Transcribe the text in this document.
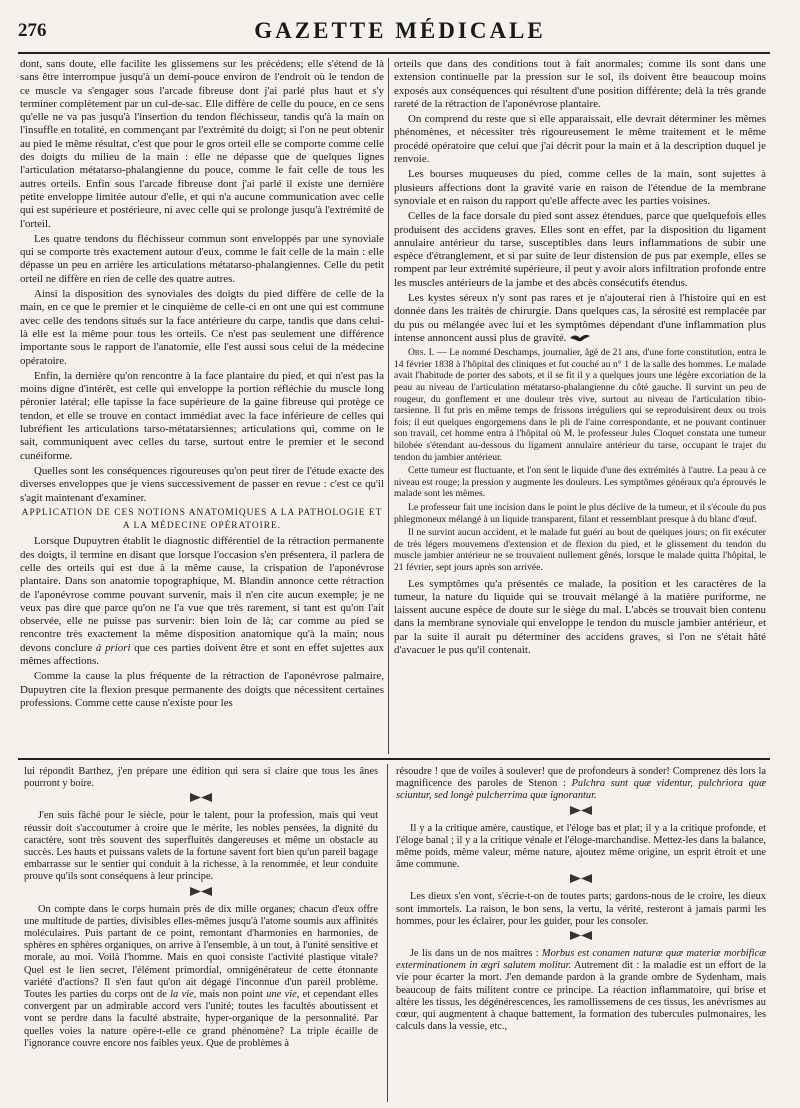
276	GAZETTE MÉDICALE

dont, sans doute, elle facilite les glissemens sur les précédens; elle s'étend de là sans être interrompue jusqu'à un demi-pouce environ de l'endroit où le tendon de ce muscle va s'engager sous l'arcade fibreuse dont j'ai parlé plus haut et s'y terminer complètement par un cul-de-sac. Elle diffère de celle du pouce, en ce sens qu'elle ne va pas jusqu'à l'insertion du tendon fléchisseur, tandis qu'à la main on l'insuffle en totalité, en commençant par l'extrémité du doigt; si l'on ne peut obtenir au pied le même résultat, c'est que pour le gros orteil elle se comporte comme celle des doigts du milieu de la main : elle ne dépasse que de quelques lignes l'articulation métatarso-phalangienne du pouce, comme le fait celle de tous les autres orteils. Enfin sous l'arcade fibreuse dont j'ai parlé il existe une dernière petite enveloppe limitée autour d'elle, et qui n'a aucune communication avec celle qui est supérieure et postérieure, ni avec celle qui se prolonge jusqu'à l'extrémité de l'orteil.

Les quatre tendons du fléchisseur commun sont enveloppés par une synoviale qui se comporte très exactement autour d'eux, comme le fait celle de la main : elle dépasse un peu en arrière les articulations métatarso-phalangiennes. Celle du petit orteil ne diffère en rien de celle des quatre autres.

Ainsi la disposition des synoviales des doigts du pied diffère de celle de la main, en ce que le premier et le cinquième de celle-ci en ont une qui est commune avec celle des tendons situés sur la face antérieure du carpe, tandis que dans celui-là elle est la même pour tous les orteils. Ce n'est pas seulement une différence importante sous le rapport de l'anatomie, elle l'est aussi sous celui de la médecine opératoire.

Enfin, la dernière qu'on rencontre à la face plantaire du pied, et qui n'est pas la moins digne d'intérêt, est celle qui enveloppe la portion réfléchie du muscle long péronier latéral; elle tapisse la face supérieure de la gaine fibreuse qui protège ce tendon, et elle se trouve en contact immédiat avec la face inférieure de celles qui lubréfient les articulations tarso-métatarsiennes; articulations qui, comme on le sait, communiquent avec celles du tarse, surtout entre le premier et le second cunéiforme.

Quelles sont les conséquences rigoureuses qu'on peut tirer de l'étude exacte des diverses enveloppes que je viens successivement de passer en revue : c'est ce qu'il s'agit maintenant d'examiner.

APPLICATION DE CES NOTIONS ANATOMIQUES A LA PATHOLOGIE ET A LA MÉDECINE OPÉRATOIRE.

Lorsque Dupuytren établit le diagnostic différentiel de la rétraction permanente des doigts, il termine en disant que lorsque l'occasion s'en présentera, il parlera de celle des orteils qui est due à la même cause, la crispation de l'aponévrose plantaire. Dans son anatomie topographique, M. Blandin annonce cette rétraction de l'aponévrose comme pouvant survenir, mais il n'en cite aucun exemple; je ne veux pas dire que parce qu'on ne l'a vue que très rarement, si tant est qu'on l'ait observée, elle ne puisse pas survenir: bien loin de là; car comme au pied se rencontre très exactement la même disposition anatomique qu'à la main; nous devons conclure à priori que ces parties doivent être et sont en effet sujettes aux mêmes affections.

Comme la cause la plus fréquente de la rétraction de l'aponévrose palmaire, Dupuytren cite la flexion presque permanente des doigts que nécessitent certaines professions. Comme cette cause n'existe pour les

orteils que dans des conditions tout à fait anormales; comme ils sont dans une extension continuelle par la pression sur le sol, ils doivent être beaucoup moins exposés aux conséquences qui résultent d'une position différente; delà la très grande rareté de la rétraction de l'aponévrose plantaire.

On comprend du reste que si elle apparaissait, elle devrait déterminer les mêmes phénomènes, et nécessiter très rigoureusement le même traitement et le même procédé opératoire que celui que j'ai décrit pour la main et à la description duquel je renvoie.

Les bourses muqueuses du pied, comme celles de la main, sont sujettes à plusieurs affections dont la gravité varie en raison de l'étendue de la membrane synoviale et en raison du rapport qu'elle affecte avec les parties voisines.

Celles de la face dorsale du pied sont assez étendues, parce que quelquefois elles produisent des accidens graves. Elles sont en effet, par la disposition du ligament annulaire antérieur du tarse, susceptibles dans leurs inflammations de subir une espèce d'étranglement, et si par suite de leur distension de pus par exemple, elles se rompent par leur extrémité supérieure, il peut y avoir alors infiltration profonde entre les muscles antérieurs de la jambe et des abcès consécutifs étendus.

Les kystes séreux n'y sont pas rares et je n'ajouterai rien à l'histoire qui en est donnée dans les traités de chirurgie. Dans quelques cas, la sérosité est remplacée par du pus ou mélangée avec lui et les symptômes dépendant d'une inflammation plus intense annoncent aussi plus de gravité.

Obs. I. — Le nommé Deschamps, journalier, âgé de 21 ans, d'une forte constitution, entra le 14 février 1838 à l'hôpital des cliniques et fut couché au n° 1 de la salle des hommes. Le malade avait l'habitude de porter des sabots, et il se fit il y a quelques jours une légère excoriation de la peau au niveau de l'articulation métatarso-phalangienne du côté gauche. Il survint un peu de rougeur, du gonflement et une douleur très vive, surtout au niveau de l'articulation tibio-tarsienne. Il fut pris en même temps de frissons irréguliers qui se reproduisirent deux ou trois fois; il eut quelques engorgemens dans le pli de l'aine correspondante, et ne pouvant continuer son travail, cet homme entra à l'hôpital où M. le professeur Jules Cloquet constata une tumeur bilobée s'étendant au-dessous du ligament annulaire antérieur du tarse, occupant le trajet du tendon du jambier antérieur.

Cette tumeur est fluctuante, et l'on sent le liquide d'une des extrémités à l'autre. La peau à ce niveau est rouge; la pression y augmente les douleurs. Les symptômes généraux qu'a éprouvés le malade sont les mêmes.

Le professeur fait une incision dans le point le plus déclive de la tumeur, et il s'écoule du pus phlegmoneux mélangé à un liquide transparent, filant et ressemblant presque à du blanc d'œuf.

Il ne survint aucun accident, et le malade fut guéri au bout de quelques jours; on fit exécuter de très légers mouvemens d'extension et de flexion du pied, et le glissement du tendon du muscle jambier antérieur ne se trouvaient nullement gênés, lorsque le malade quitta l'hôpital, le 21 février, sept jours après son arrivée.

Les symptômes qu'a présentés ce malade, la position et les caractères de la tumeur, la nature du liquide qui se trouvait mélangé à la matière puriforme, ne laissent aucune espèce de doute sur le siège du mal. L'abcès se trouvait bien contenu dans la membrane synoviale qui enveloppe le tendon du muscle jambier antérieur, et par la suite il aurait pu déterminer des accidens graves, si l'on ne s'était hâté d'avacuer le pus qu'il contenait.

lui répondit Barthez, j'en prépare une édition qui sera si claire que tous les ânes pourront y boire.

J'en suis fâché pour le siècle, pour le talent, pour la profession, mais qui veut réussir doit s'accoutumer à croire que le mérite, les nobles pensées, la dignité du caractère, sont très souvent des superfluités dangereuses et même un obstacle au succès. Les hauts et puissans valets de la fortune savent fort bien qu'un pareil bagage embarrasse sur le sentier qui conduit à la richesse, à la renommée, et leur conduite prouve qu'ils sont conséquens à leur principe.

On compte dans le corps humain près de dix mille organes; chacun d'eux offre une multitude de parties, divisibles elles-mêmes jusqu'à l'atome soumis aux affinités moléculaires. Puis partant de ce point, remontant d'harmonies en harmonies, de sphères en sphères organiques, on arrive à l'ensemble, à un tout, à l'unité sensitive et morale, au moi. Voilà l'homme. Mais en quoi consiste l'activité plastique vitale? Quel est le lien secret, l'élément primordial, omnigénérateur de cette étonnante variété d'actions? Il s'en faut qu'on ait dégagé l'inconnue d'un pareil problème. Toutes les parties du corps ont de la vie, mais non point une vie, et cependant elles convergent par un admirable accord vers l'unité; toutes les facultés aboutissent et vont se perdre dans la faculté abstraite, hyper-organique de la personnalité. Par quelles voies la nature opère-t-elle ce grand phénomène? La triple écaille de l'ignorance couvre encore nos faibles yeux. Que de problèmes à

résoudre ! que de voiles à soulever! que de profondeurs à sonder! Comprenez dès lors la magnificence des paroles de Stenon : Pulchra sunt quæ videntur, pulchriora quæ sciuntur, sed longè pulcherrima quæ ignorantur.

Il y a la critique amère, caustique, et l'éloge bas et plat; il y a la critique profonde, et l'éloge banal ; il y a la critique vénale et l'éloge-marchandise. Mettez-les dans la balance, même poids, même valeur, même nature, ajoutez même origine, un esprit étroit et une âme commune.

Les dieux s'en vont, s'écrie-t-on de toutes parts; gardons-nous de le croire, les dieux sont immortels. La raison, le bon sens, la vertu, la vérité, resteront à jamais parmi les hommes, pour les éclairer, pour les guider, pour les consoler.

Je lis dans un de nos maîtres : Morbus est conamen naturæ quæ materiæ morbificæ exterminationem in ægri salutem molitur. Autrement dit : la maladie est un effort de la vie pour écarter la mort. J'en demande pardon à la grande ombre de Sydenham, mais beaucoup de faits militent contre ce principe. La réaction inflammatoire, qui brise et altère les tissus, les dégénérescences, les ramollissemens de ces tissus, les anévrismes au cœur, qui augmentent à chaque battement, la formation des tubercules pulmonaires, les calculs dans la vessie, etc.,
